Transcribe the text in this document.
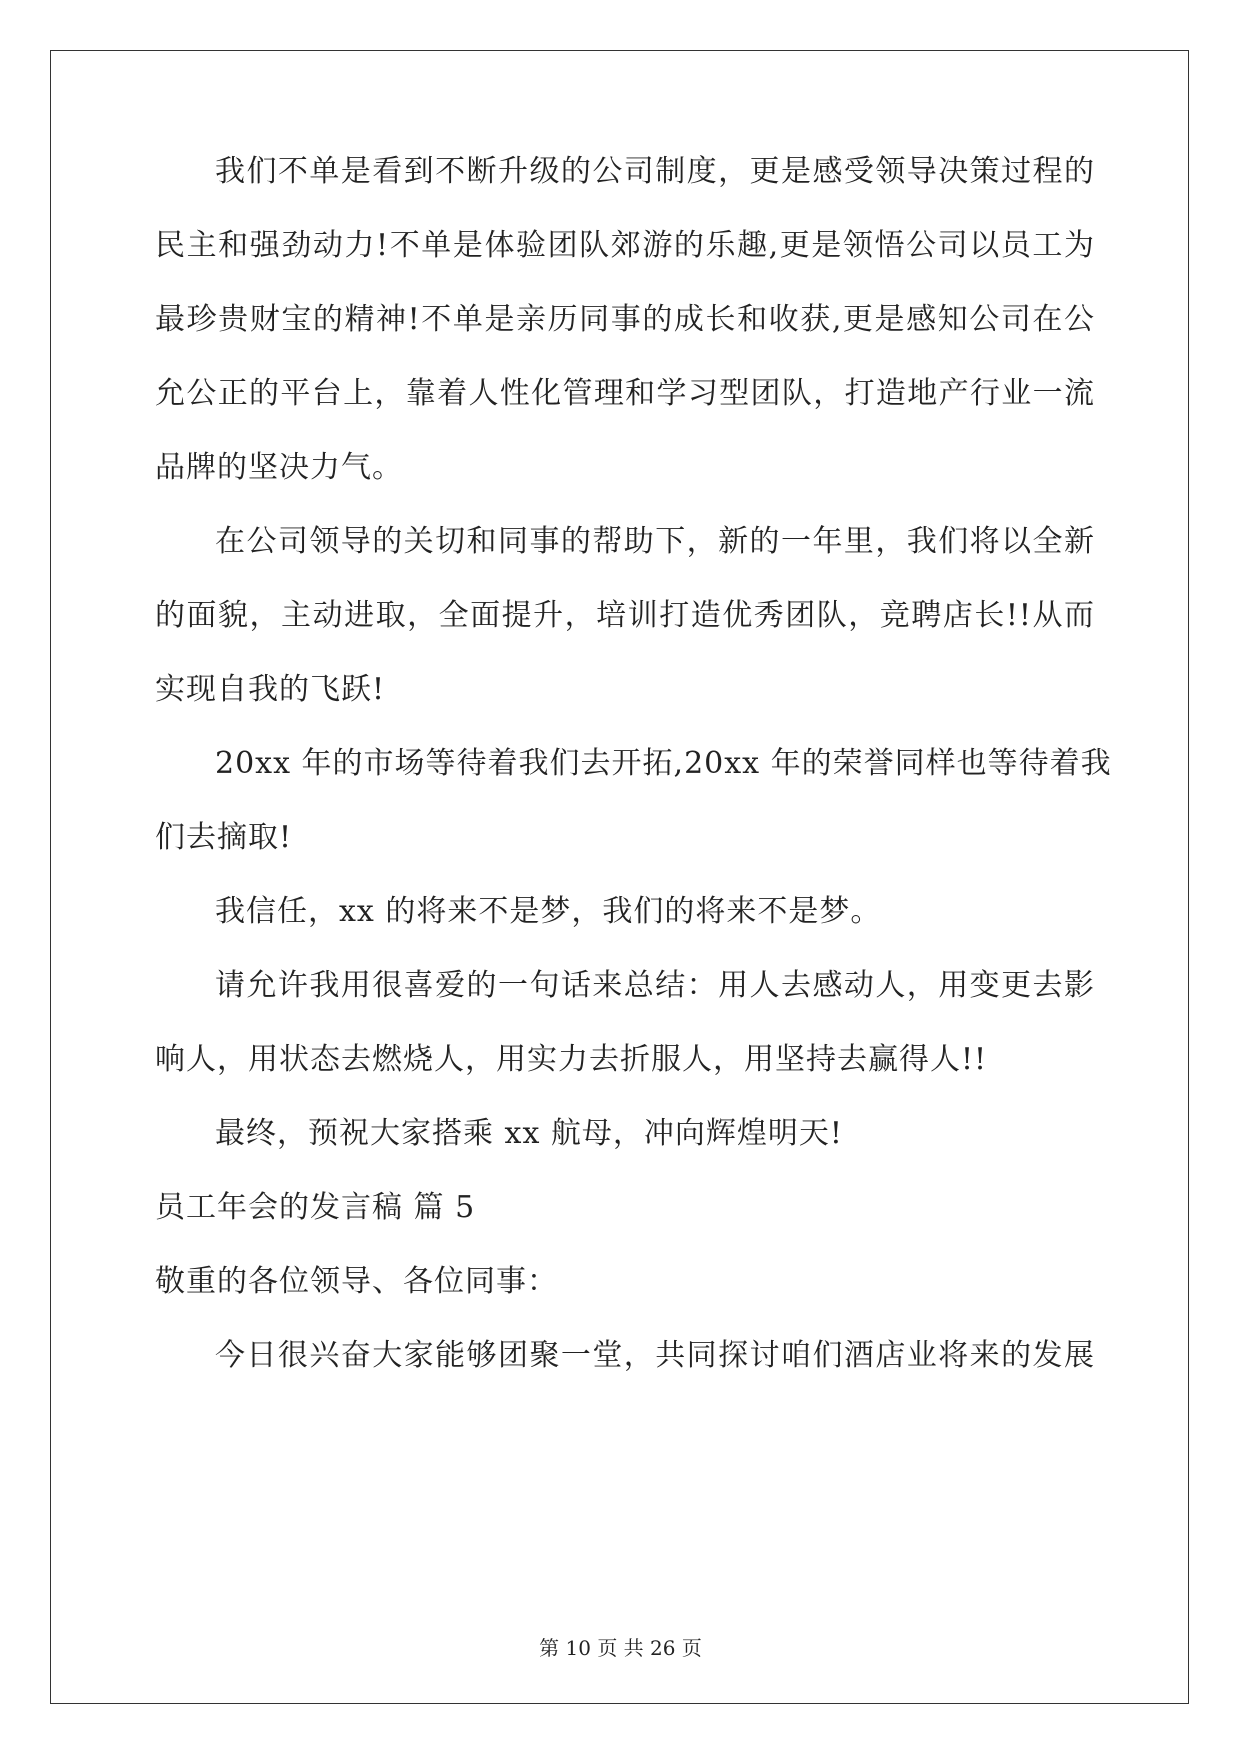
我们不单是看到不断升级的公司制度，更是感受领导决策过程的
民主和强劲动力!不单是体验团队郊游的乐趣,更是领悟公司以员工为
最珍贵财宝的精神!不单是亲历同事的成长和收获,更是感知公司在公
允公正的平台上，靠着人性化管理和学习型团队，打造地产行业一流
品牌的坚决力气。
在公司领导的关切和同事的帮助下，新的一年里，我们将以全新
的面貌，主动进取，全面提升，培训打造优秀团队，竞聘店长!!从而
实现自我的飞跃!
20xx 年的市场等待着我们去开拓,20xx 年的荣誉同样也等待着我
们去摘取!
我信任，xx 的将来不是梦，我们的将来不是梦。
请允许我用很喜爱的一句话来总结：用人去感动人，用变更去影
响人，用状态去燃烧人，用实力去折服人，用坚持去赢得人!!
最终，预祝大家搭乘 xx 航母，冲向辉煌明天!
员工年会的发言稿 篇 5
敬重的各位领导、各位同事：
今日很兴奋大家能够团聚一堂，共同探讨咱们酒店业将来的发展
第 10 页 共 26 页
